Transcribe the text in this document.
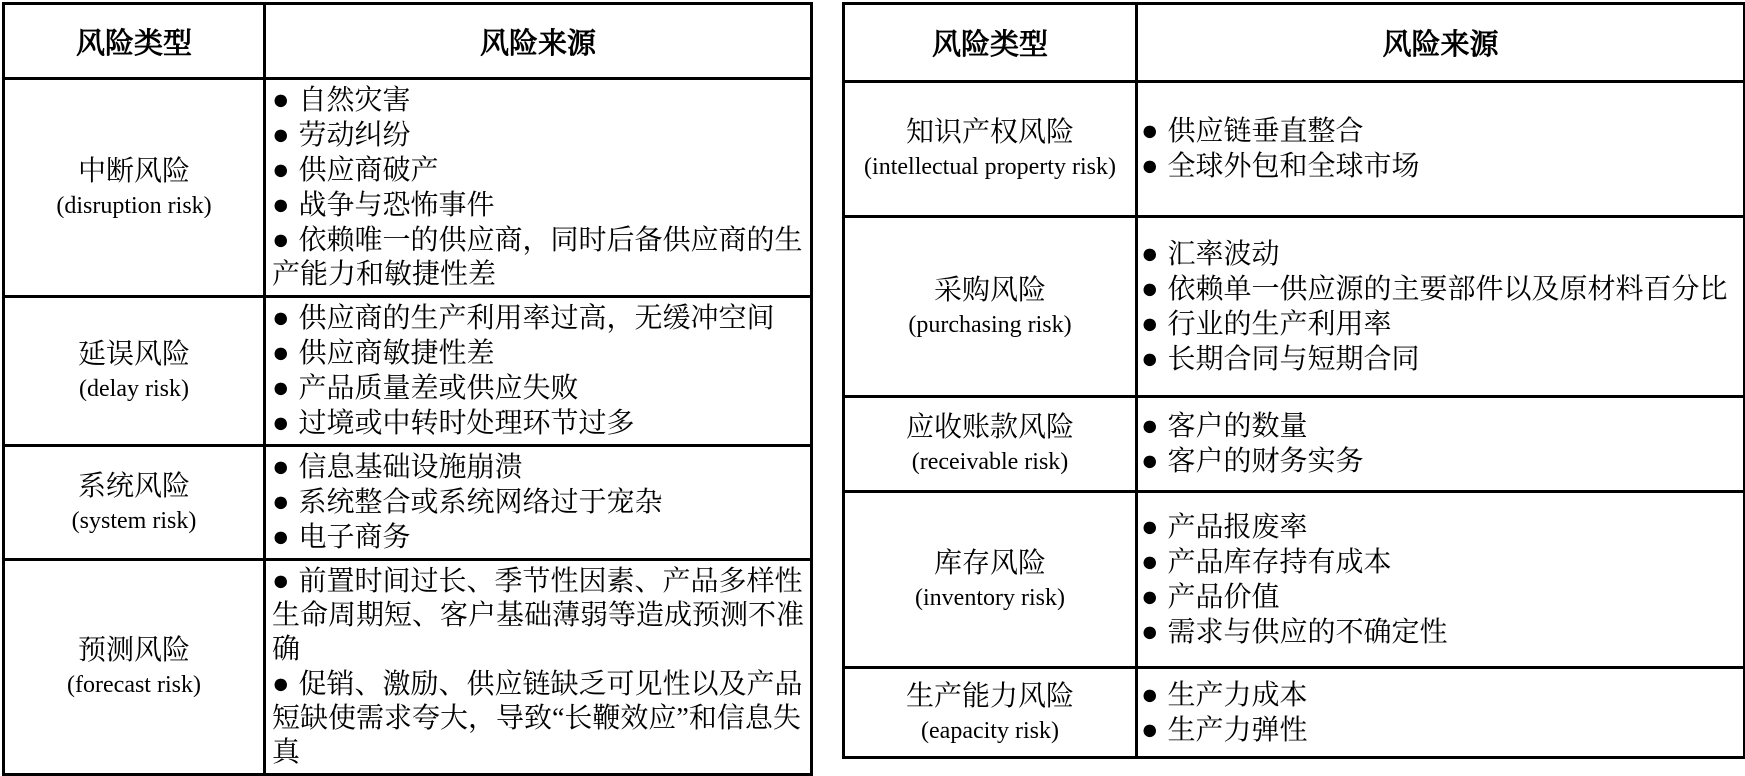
风险类型	风险来源

中断风险
(disruption risk)

● 自然灾害
● 劳动纠纷
● 供应商破产
● 战争与恐怖事件
● 依赖唯一的供应商，同时后备供应商的生产能力和敏捷性差

延误风险
(delay risk)

● 供应商的生产利用率过高，无缓冲空间
● 供应商敏捷性差
● 产品质量差或供应失败
● 过境或中转时处理环节过多

系统风险
(system risk)

● 信息基础设施崩溃
● 系统整合或系统网络过于宠杂
● 电子商务

预测风险
(forecast risk)

● 前置时间过长、季节性因素、产品多样性生命周期短、客户基础薄弱等造成预测不准确
● 促销、激励、供应链缺乏可见性以及产品短缺使需求夸大，导致“长鞭效应”和信息失真
风险类型	风险来源

知识产权风险
(intellectual property risk)

● 供应链垂直整合
● 全球外包和全球市场

采购风险
(purchasing risk)

● 汇率波动
● 依赖单一供应源的主要部件以及原材料百分比
● 行业的生产利用率
● 长期合同与短期合同

应收账款风险
(receivable risk)

● 客户的数量
● 客户的财务实务

库存风险
(inventory risk)

● 产品报废率
● 产品库存持有成本
● 产品价值
● 需求与供应的不确定性

生产能力风险
(eapacity risk)

● 生产力成本
● 生产力弹性
